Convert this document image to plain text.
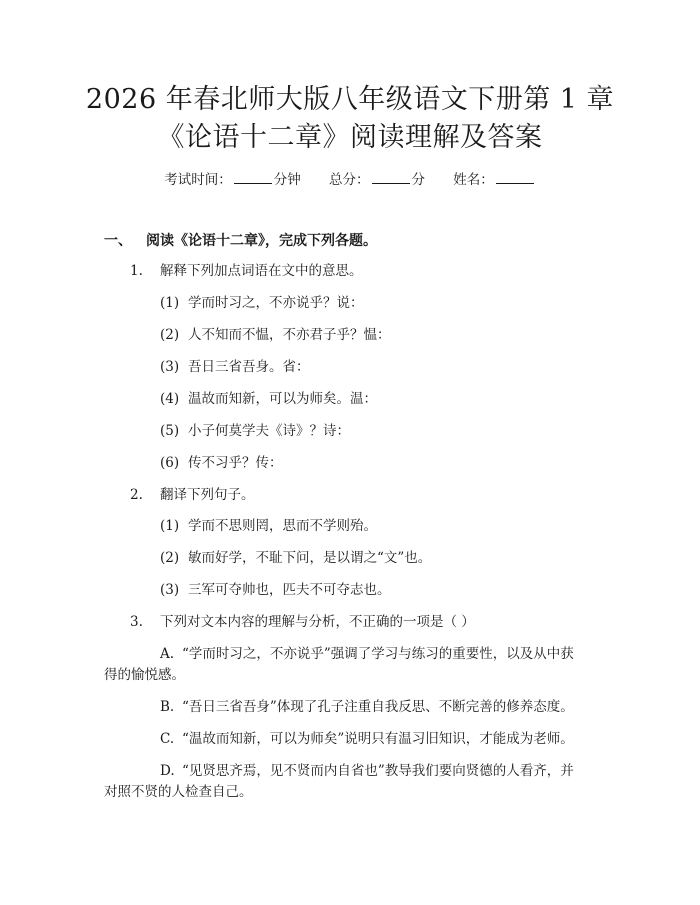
2026 年春北师大版八年级语文下册第 1 章
《论语十二章》阅读理解及答案
考试时间：	分钟 总分：	分 姓名：
一、 阅读《论语十二章》，完成下列各题。
1. 解释下列加点词语在文中的意思。
(1) 学而时习之，不亦说乎？说：
(2) 人不知而不愠，不亦君子乎？愠：
(3) 吾日三省吾身。省：
(4) 温故而知新，可以为师矣。温：
(5) 小子何莫学夫《诗》？诗：
(6) 传不习乎？传：
2. 翻译下列句子。
(1) 学而不思则罔，思而不学则殆。
(2) 敏而好学，不耻下问，是以谓之“文”也。
(3) 三军可夺帅也，匹夫不可夺志也。
3. 下列对文本内容的理解与分析，不正确的一项是（ ）
A. “学而时习之，不亦说乎”强调了学习与练习的重要性，以及从中获
得的愉悦感。
B. “吾日三省吾身”体现了孔子注重自我反思、不断完善的修养态度。
C. “温故而知新，可以为师矣”说明只有温习旧知识，才能成为老师。
D. “见贤思齐焉，见不贤而内自省也”教导我们要向贤德的人看齐，并
对照不贤的人检查自己。
